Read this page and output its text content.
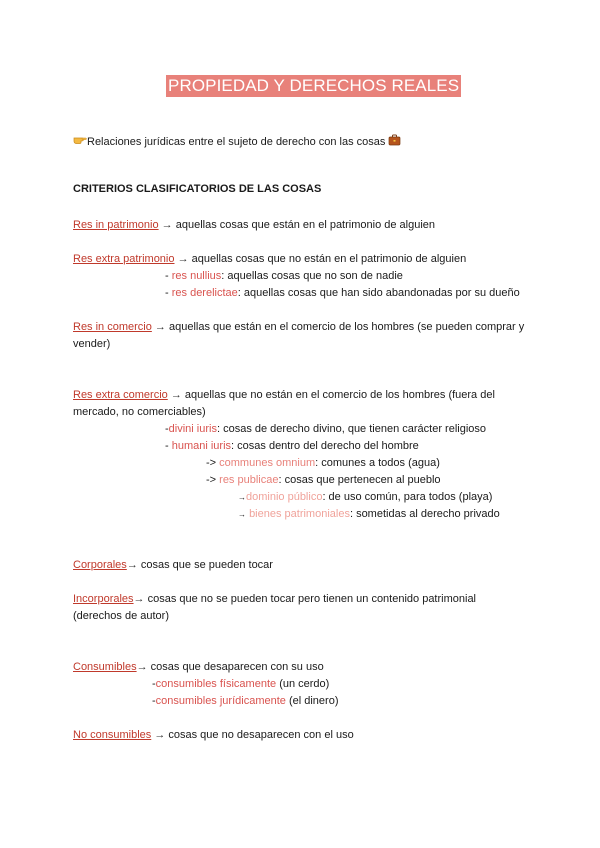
PROPIEDAD Y DERECHOS REALES
Relaciones jurídicas entre el sujeto de derecho con las cosas
CRITERIOS CLASIFICATORIOS DE LAS COSAS
Res in patrimonio → aquellas cosas que están en el patrimonio de alguien
Res extra patrimonio → aquellas cosas que no están en el patrimonio de alguien
- res nullius: aquellas cosas que no son de nadie
- res derelictae: aquellas cosas que han sido abandonadas por su dueño
Res in comercio → aquellas que están en el comercio de los hombres (se pueden comprar y
vender)
Res extra comercio → aquellas que no están en el comercio de los hombres (fuera del
mercado, no comerciables)
-divini iuris: cosas de derecho divino, que tienen carácter religioso
- humani iuris: cosas dentro del derecho del hombre
-> communes omnium: comunes a todos (agua)
-> res publicae: cosas que pertenecen al pueblo
→dominio público: de uso común, para todos (playa)
→ bienes patrimoniales: sometidas al derecho privado
Corporales→ cosas que se pueden tocar
Incorporales→ cosas que no se pueden tocar pero tienen un contenido patrimonial
(derechos de autor)
Consumibles→ cosas que desaparecen con su uso
-consumibles físicamente (un cerdo)
-consumibles jurídicamente (el dinero)
No consumibles → cosas que no desaparecen con el uso
